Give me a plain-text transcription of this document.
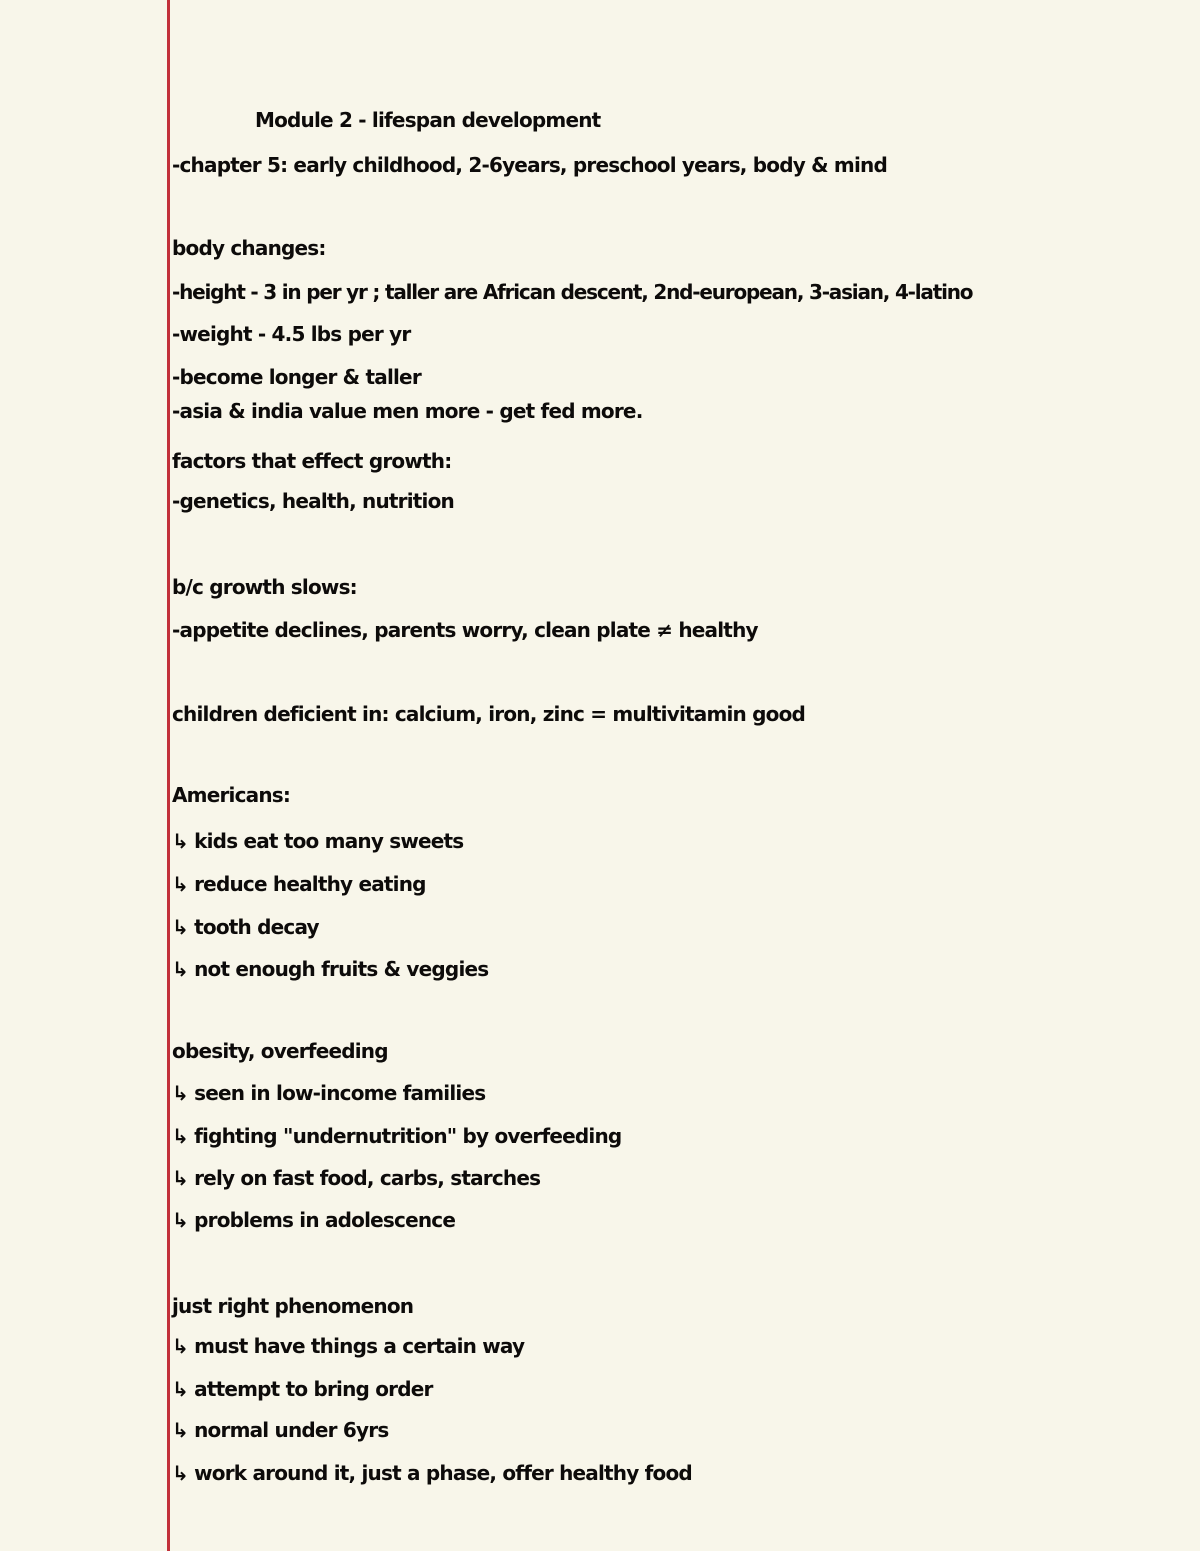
Module 2 - lifespan development
-chapter 5: early childhood, 2-6years, preschool years, body & mind
body changes:
-height - 3 in per yr ; taller are African descent, 2nd-european, 3-asian, 4-latino
-weight - 4.5 lbs per yr
-become longer & taller
-asia & india value men more - get fed more.
factors that effect growth:
-genetics, health, nutrition
b/c growth slows:
-appetite declines, parents worry, clean plate ≠ healthy
children deficient in: calcium, iron, zinc = multivitamin good
Americans:
↳ kids eat too many sweets
↳ reduce healthy eating
↳ tooth decay
↳ not enough fruits & veggies
obesity, overfeeding
↳ seen in low-income families
↳ fighting "undernutrition" by overfeeding
↳ rely on fast food, carbs, starches
↳ problems in adolescence
just right phenomenon
↳ must have things a certain way
↳ attempt to bring order
↳ normal under 6yrs
↳ work around it, just a phase, offer healthy food
